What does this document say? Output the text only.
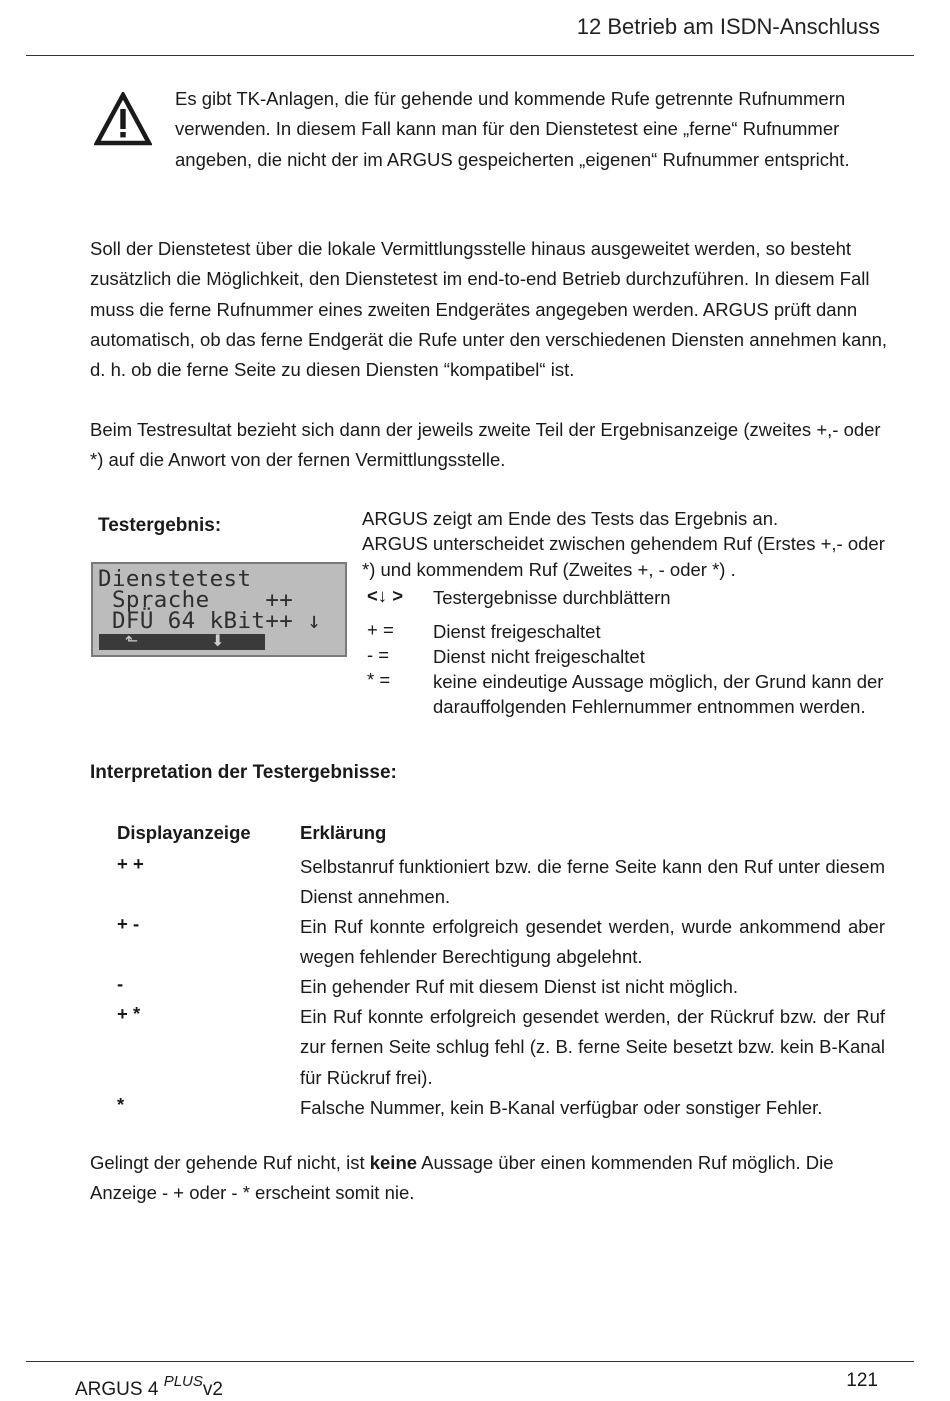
12 Betrieb am ISDN-Anschluss
Es gibt TK-Anlagen, die für gehende und kommende Rufe getrennte Rufnummern verwenden. In diesem Fall kann man für den Dienstetest eine „ferne“ Rufnummer angeben, die nicht der im ARGUS gespeicherten „eigenen“ Rufnummer entspricht.
Soll der Dienstetest über die lokale Vermittlungsstelle hinaus ausgeweitet werden, so besteht zusätzlich die Möglichkeit, den Dienstetest im end-to-end Betrieb durchzuführen. In diesem Fall muss die ferne Rufnummer eines zweiten Endgerätes angegeben werden. ARGUS prüft dann automatisch, ob das ferne Endgerät die Rufe unter den verschiedenen Diensten annehmen kann, d. h. ob die ferne Seite zu diesen Diensten “kompatibel“ ist.
Beim Testresultat bezieht sich dann der jeweils zweite Teil der Ergebnisanzeige (zweites +,- oder *) auf die Anwort von der fernen Vermittlungsstelle.
Testergebnis:
Dienstetest
Sprache    ++
DFÜ 64 kBit++ ↓
⬑	⬇
ARGUS zeigt am Ende des Tests das Ergebnis an.
ARGUS unterscheidet zwischen gehendem Ruf (Erstes +,- oder *) und kommendem Ruf (Zweites +, - oder *) .
<↓ >	Testergebnisse durchblättern
+ =	Dienst freigeschaltet
- =	Dienst nicht freigeschaltet
* =	keine eindeutige Aussage möglich, der Grund kann der darauffolgenden Fehlernummer entnommen werden.
Interpretation der Testergebnisse:
Displayanzeige	Erklärung
+ +	Selbstanruf funktioniert bzw. die ferne Seite kann den Ruf unter diesem Dienst annehmen.
+ -	Ein Ruf konnte erfolgreich gesendet werden, wurde ankommend aber wegen fehlender Berechtigung abgelehnt.
-	Ein gehender Ruf mit diesem Dienst ist nicht möglich.
+ *	Ein Ruf konnte erfolgreich gesendet werden, der Rückruf bzw. der Ruf zur fernen Seite schlug fehl (z. B. ferne Seite besetzt bzw. kein B-Kanal für Rückruf frei).
*	Falsche Nummer, kein B-Kanal verfügbar oder sonstiger Fehler.
Gelingt der gehende Ruf nicht, ist keine Aussage über einen kommenden Ruf möglich. Die Anzeige - + oder - * erscheint somit nie.
ARGUS 4 $^{PLUS}$v2	121
